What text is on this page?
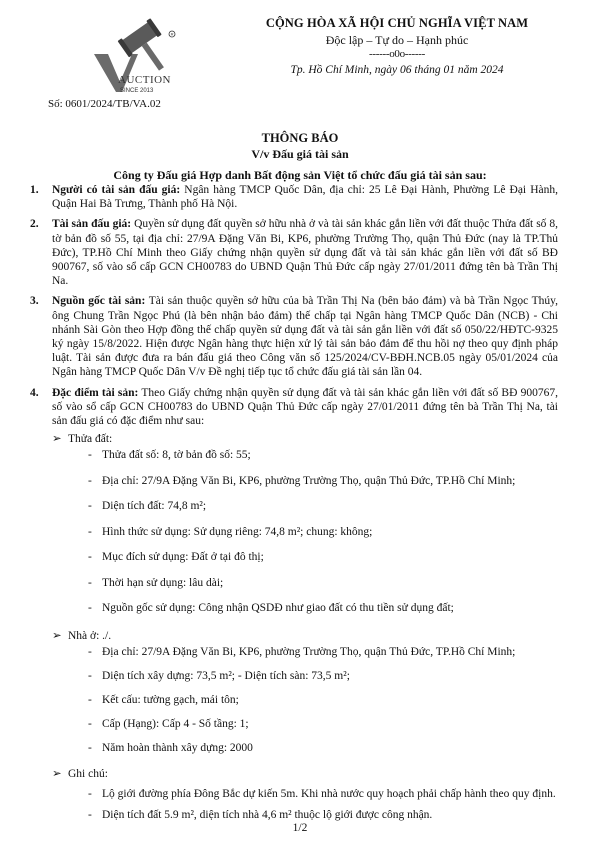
R
AUCTION
SINCE 2013
Số: 0601/2024/TB/VA.02
CỘNG HÒA XÃ HỘI CHỦ NGHĨA VIỆT NAM
Độc lập – Tự do – Hạnh phúc
------o0o------
Tp. Hồ Chí Minh, ngày 06 tháng 01 năm 2024
THÔNG BÁO
V/v Đấu giá tài sản
Công ty Đấu giá Hợp danh Bất động sản Việt tổ chức đấu giá tài sản sau:
1.	Người có tài sản đấu giá: Ngân hàng TMCP Quốc Dân, địa chỉ: 25 Lê Đại Hành, Phường Lê Đại Hành, Quận Hai Bà Trưng, Thành phố Hà Nội.
2.	Tài sản đấu giá: Quyền sử dụng đất quyền sở hữu nhà ở và tài sản khác gắn liền với đất thuộc Thửa đất số 8, tờ bản đồ số 55, tại địa chỉ: 27/9A Đặng Văn Bi, KP6, phường Trường Thọ, quận Thủ Đức (nay là TP.Thủ Đức), TP.Hồ Chí Minh theo Giấy chứng nhận quyền sử dụng đất và tài sản khác gắn liền với đất số BĐ 900767, số vào sổ cấp GCN CH00783 do UBND Quận Thủ Đức cấp ngày 27/01/2011 đứng tên bà Trần Thị Na.
3.	Nguồn gốc tài sản: Tài sản thuộc quyền sở hữu của bà Trần Thị Na (bên bảo đảm) và bà Trần Ngọc Thúy, ông Chung Trần Ngọc Phú (là bên nhận bảo đảm) thế chấp tại Ngân hàng TMCP Quốc Dân (NCB) - Chi nhánh Sài Gòn theo Hợp đồng thế chấp quyền sử dụng đất và tài sản gắn liền với đất số 050/22/HĐTC-9325 ký ngày 15/8/2022. Hiện được Ngân hàng thực hiện xử lý tài sản bảo đảm để thu hồi nợ theo quy định pháp luật. Tài sản được đưa ra bán đấu giá theo Công văn số 125/2024/CV-BĐH.NCB.05 ngày 05/01/2024 của Ngân hàng TMCP Quốc Dân V/v Đề nghị tiếp tục tổ chức đấu giá tài sản lần 04.
4.	Đặc điểm tài sản: Theo Giấy chứng nhận quyền sử dụng đất và tài sản khác gắn liền với đất số BĐ 900767, số vào sổ cấp GCN CH00783 do UBND Quận Thủ Đức cấp ngày 27/01/2011 đứng tên bà Trần Thị Na, tài sản đấu giá có đặc điểm như sau:
➢ Thửa đất:
- Thửa đất số: 8, tờ bản đồ số: 55;
- Địa chỉ: 27/9A Đặng Văn Bi, KP6, phường Trường Thọ, quận Thủ Đức, TP.Hồ Chí Minh;
- Diện tích đất: 74,8 m²;
- Hình thức sử dụng: Sử dụng riêng: 74,8 m²; chung: không;
- Mục đích sử dụng: Đất ở tại đô thị;
- Thời hạn sử dụng: lâu dài;
- Nguồn gốc sử dụng: Công nhận QSDĐ như giao đất có thu tiền sử dụng đất;
➢ Nhà ở: ./.
- Địa chỉ: 27/9A Đặng Văn Bi, KP6, phường Trường Thọ, quận Thủ Đức, TP.Hồ Chí Minh;
- Diện tích xây dựng: 73,5 m²; - Diện tích sàn: 73,5 m²;
- Kết cấu: tường gạch, mái tôn;
- Cấp (Hạng): Cấp 4 - Số tầng: 1;
- Năm hoàn thành xây dựng: 2000
➢ Ghi chú:
- Lộ giới đường phía Đông Bắc dự kiến 5m. Khi nhà nước quy hoạch phải chấp hành theo quy định.
- Diện tích đất 5.9 m², diện tích nhà 4,6 m² thuộc lộ giới được công nhận.
1/2
